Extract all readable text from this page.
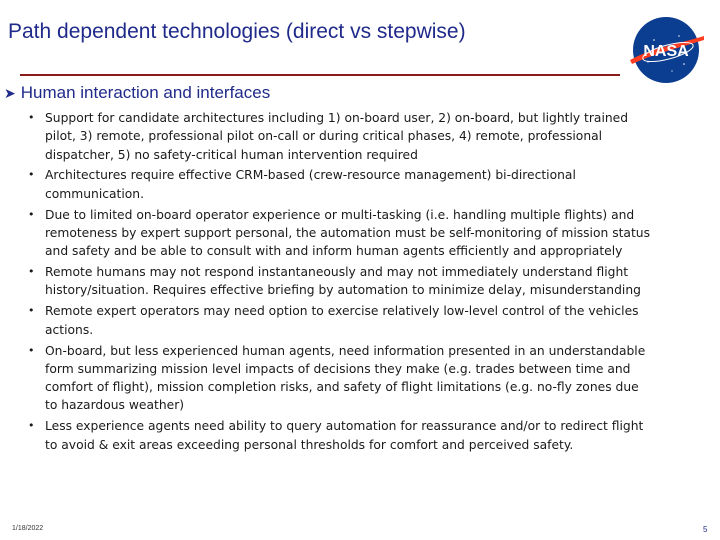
Path dependent technologies (direct vs stepwise)
NASA
➤ Human interaction and interfaces
• Support for candidate architectures including 1) on-board user, 2) on-board, but lightly trained pilot, 3) remote, professional pilot on-call or during critical phases, 4) remote, professional dispatcher, 5) no safety-critical human intervention required
• Architectures require effective CRM-based (crew-resource management) bi-directional communication.
• Due to limited on-board operator experience or multi-tasking (i.e. handling multiple flights) and remoteness by expert support personal, the automation must be self-monitoring of mission status and safety and be able to consult with and inform human agents efficiently and appropriately
• Remote humans may not respond instantaneously and may not immediately understand flight history/situation. Requires effective briefing by automation to minimize delay, misunderstanding
• Remote expert operators may need option to exercise relatively low-level control of the vehicles actions.
• On-board, but less experienced human agents, need information presented in an understandable form summarizing mission level impacts of decisions they make (e.g. trades between time and comfort of flight), mission completion risks, and safety of flight limitations (e.g. no-fly zones due to hazardous weather)
• Less experience agents need ability to query automation for reassurance and/or to redirect flight to avoid & exit areas exceeding personal thresholds for comfort and perceived safety.
1/18/2022	5
